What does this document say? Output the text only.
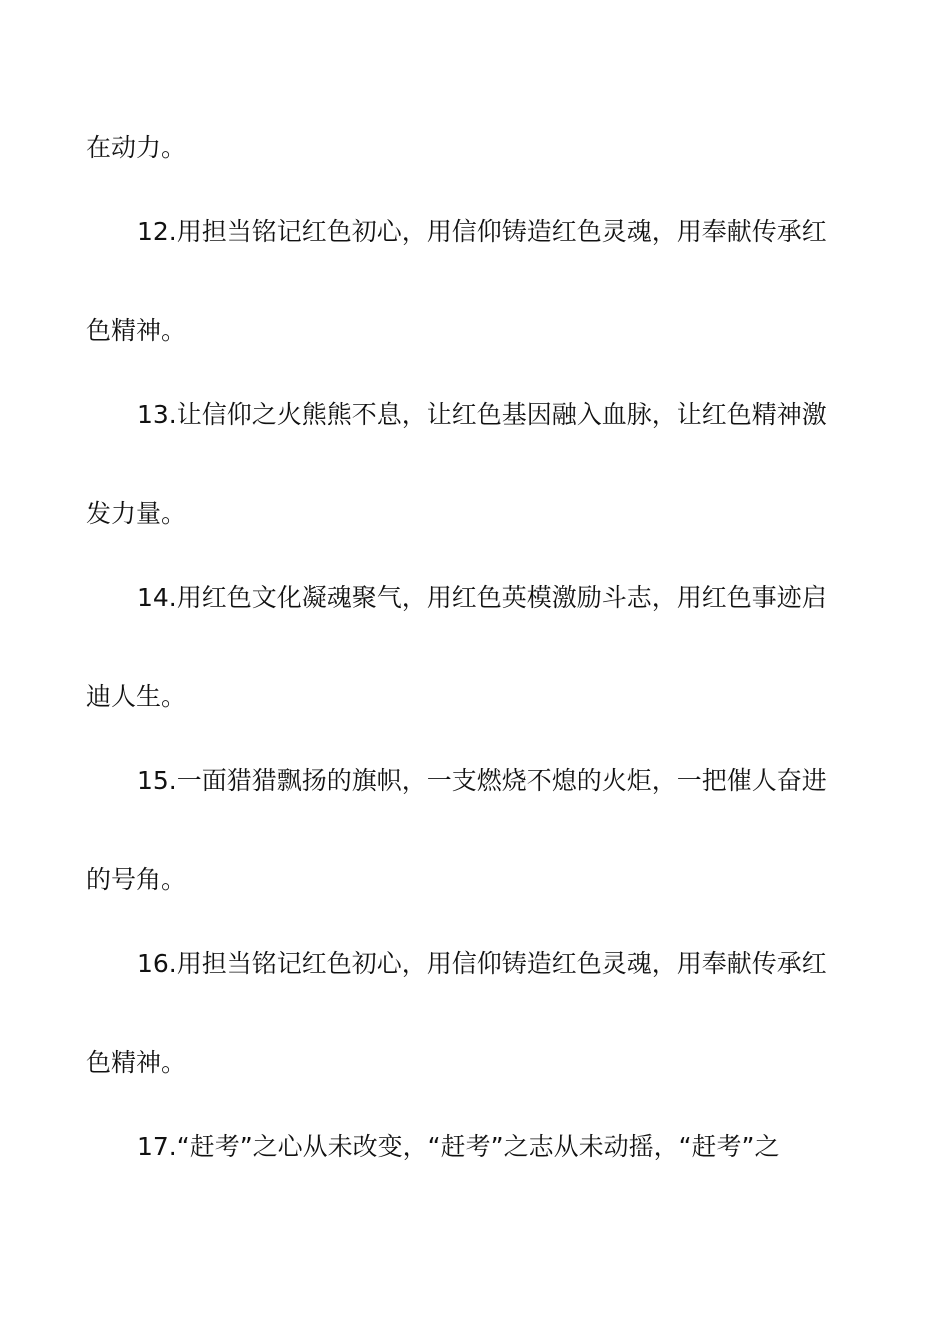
在动力。
12.用担当铭记红色初心，用信仰铸造红色灵魂，用奉献传承红
色精神。
13.让信仰之火熊熊不息，让红色基因融入血脉，让红色精神激
发力量。
14.用红色文化凝魂聚气，用红色英模激励斗志，用红色事迹启
迪人生。
15.一面猎猎飘扬的旗帜，一支燃烧不熄的火炬，一把催人奋进
的号角。
16.用担当铭记红色初心，用信仰铸造红色灵魂，用奉献传承红
色精神。
17.“赶考”之心从未改变，“赶考”之志从未动摇，“赶考”之
